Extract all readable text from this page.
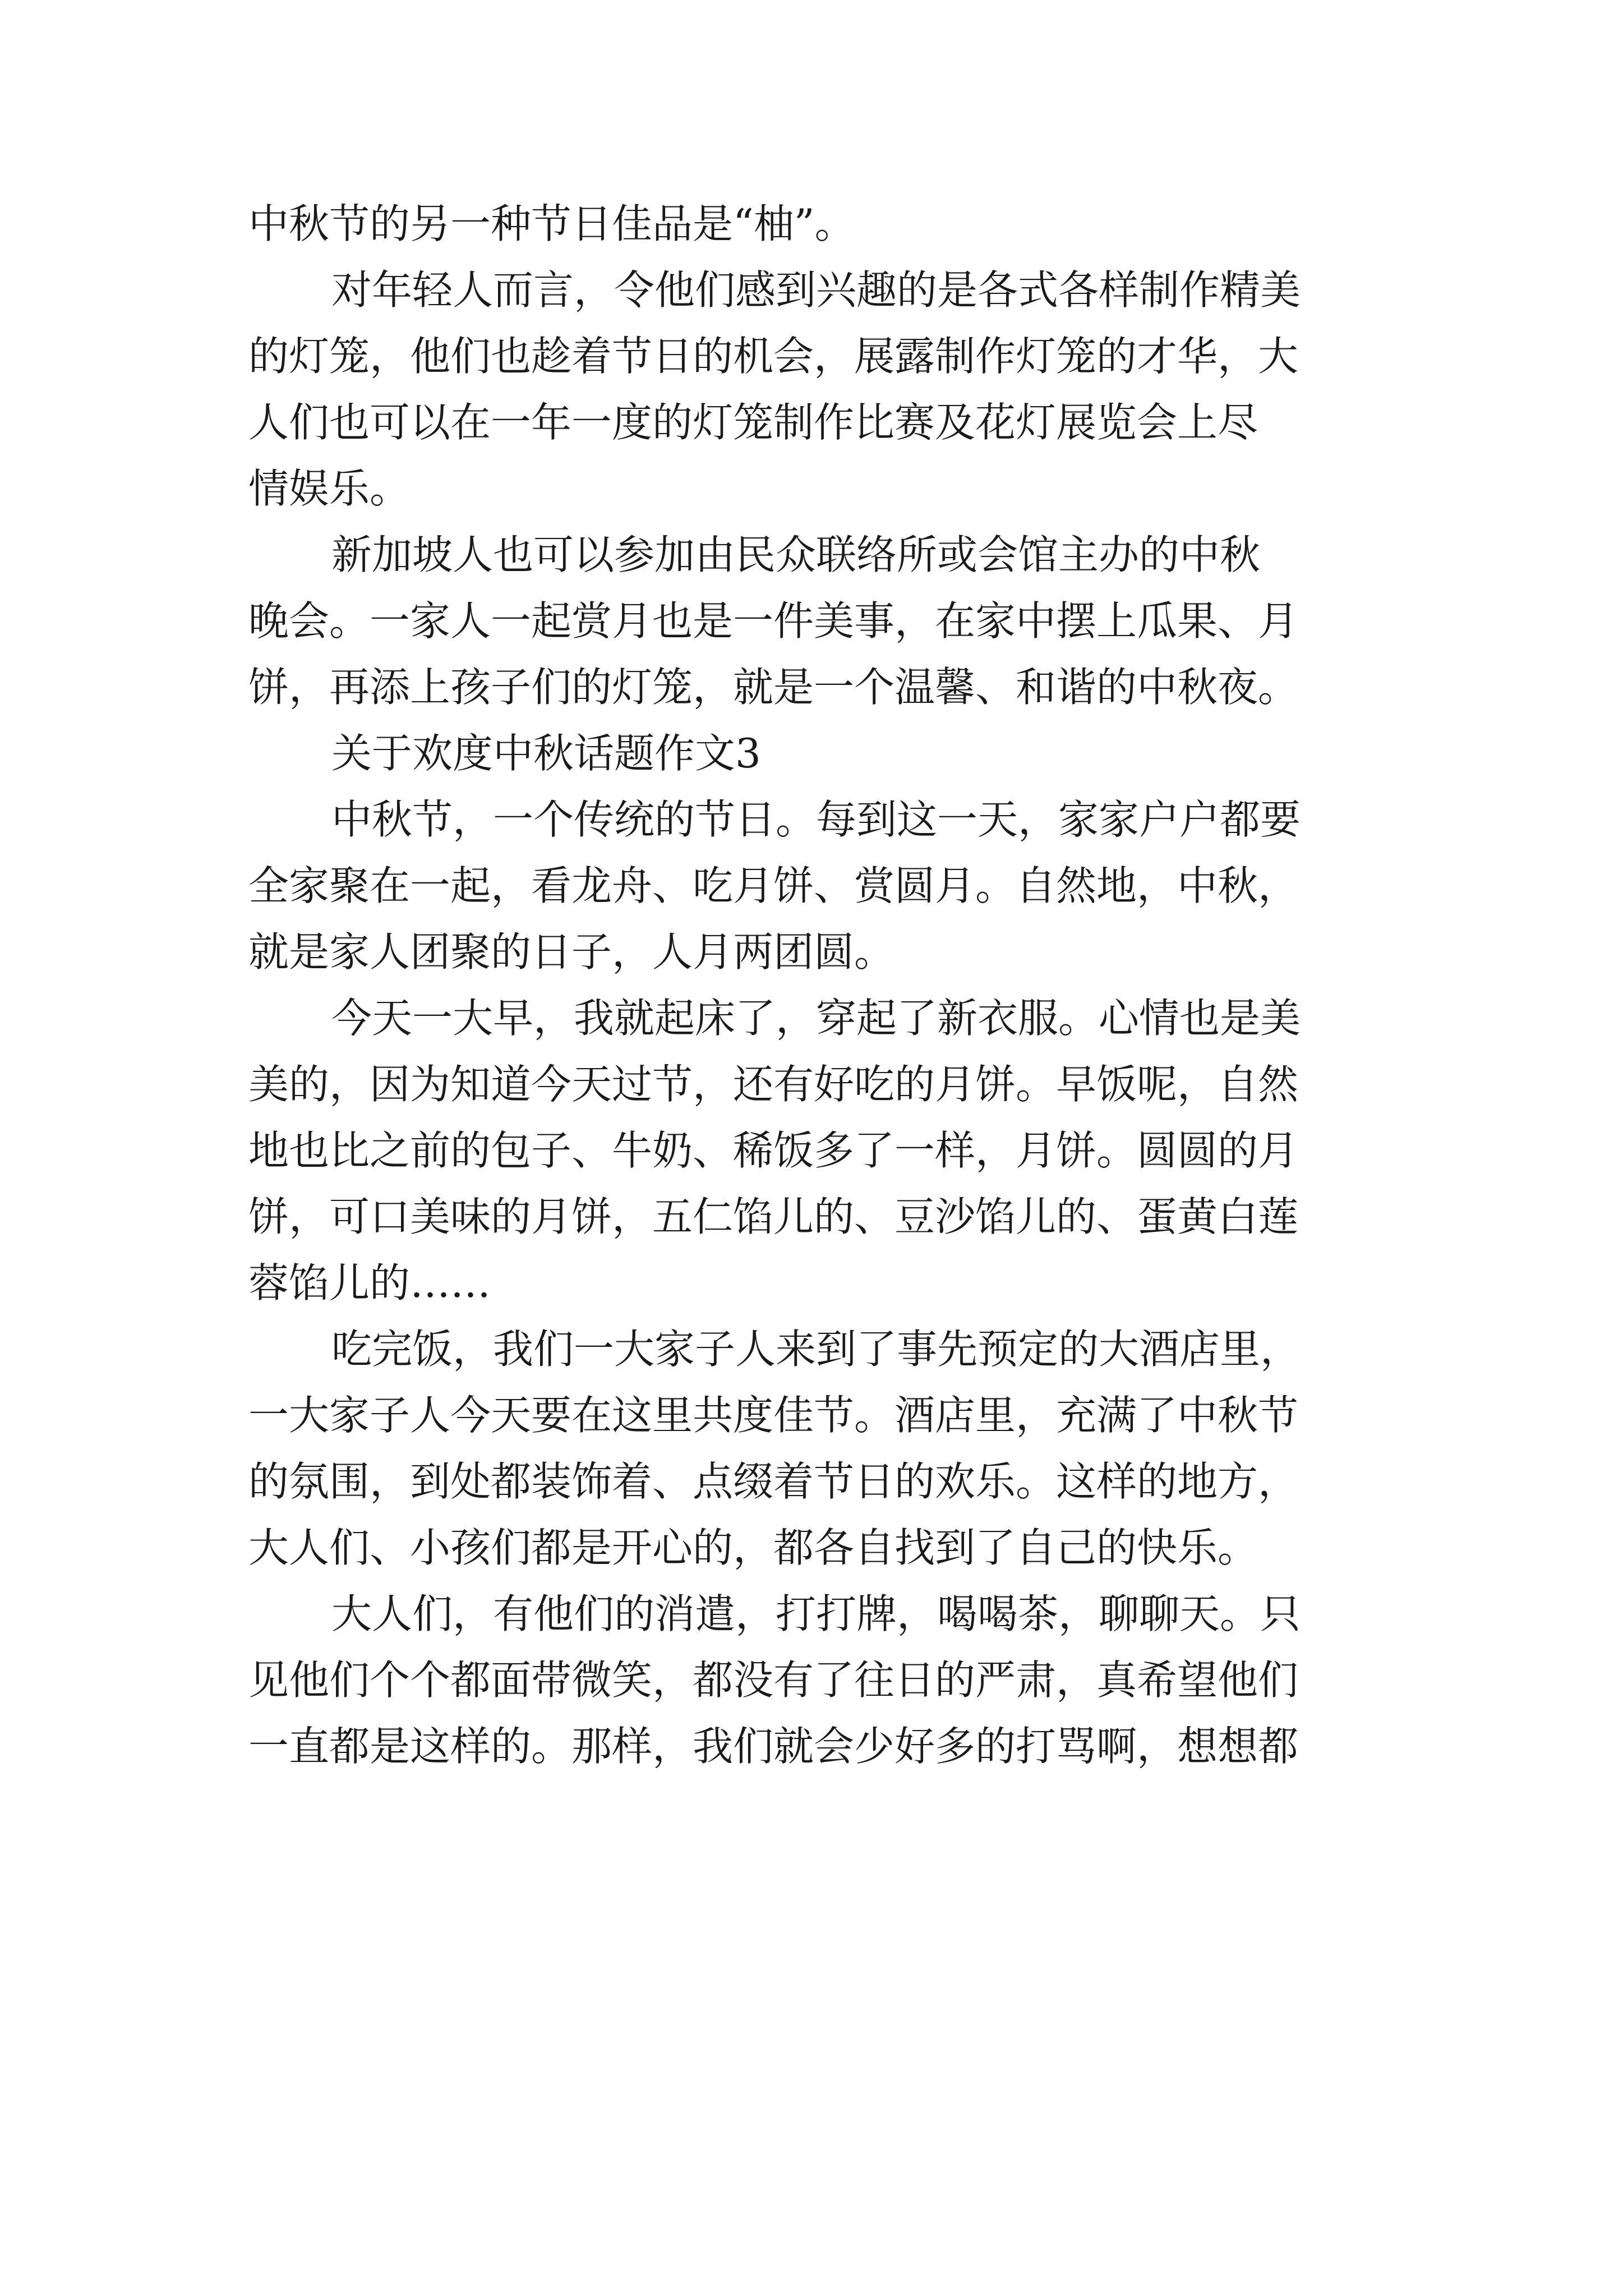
中秋节的另一种节日佳品是“柚”。
对年轻人而言，令他们感到兴趣的是各式各样制作精美
的灯笼，他们也趁着节日的机会，展露制作灯笼的才华，大
人们也可以在一年一度的灯笼制作比赛及花灯展览会上尽
情娱乐。
新加坡人也可以参加由民众联络所或会馆主办的中秋
晚会。一家人一起赏月也是一件美事，在家中摆上瓜果、月
饼，再添上孩子们的灯笼，就是一个温馨、和谐的中秋夜。
关于欢度中秋话题作文3
中秋节，一个传统的节日。每到这一天，家家户户都要
全家聚在一起，看龙舟、吃月饼、赏圆月。自然地，中秋，
就是家人团聚的日子，人月两团圆。
今天一大早，我就起床了，穿起了新衣服。心情也是美
美的，因为知道今天过节，还有好吃的月饼。早饭呢，自然
地也比之前的包子、牛奶、稀饭多了一样，月饼。圆圆的月
饼，可口美味的月饼，五仁馅儿的、豆沙馅儿的、蛋黄白莲
蓉馅儿的……
吃完饭，我们一大家子人来到了事先预定的大酒店里，
一大家子人今天要在这里共度佳节。酒店里，充满了中秋节
的氛围，到处都装饰着、点缀着节日的欢乐。这样的地方，
大人们、小孩们都是开心的，都各自找到了自己的快乐。
大人们，有他们的消遣，打打牌，喝喝茶，聊聊天。只
见他们个个都面带微笑，都没有了往日的严肃，真希望他们
一直都是这样的。那样，我们就会少好多的打骂啊，想想都
